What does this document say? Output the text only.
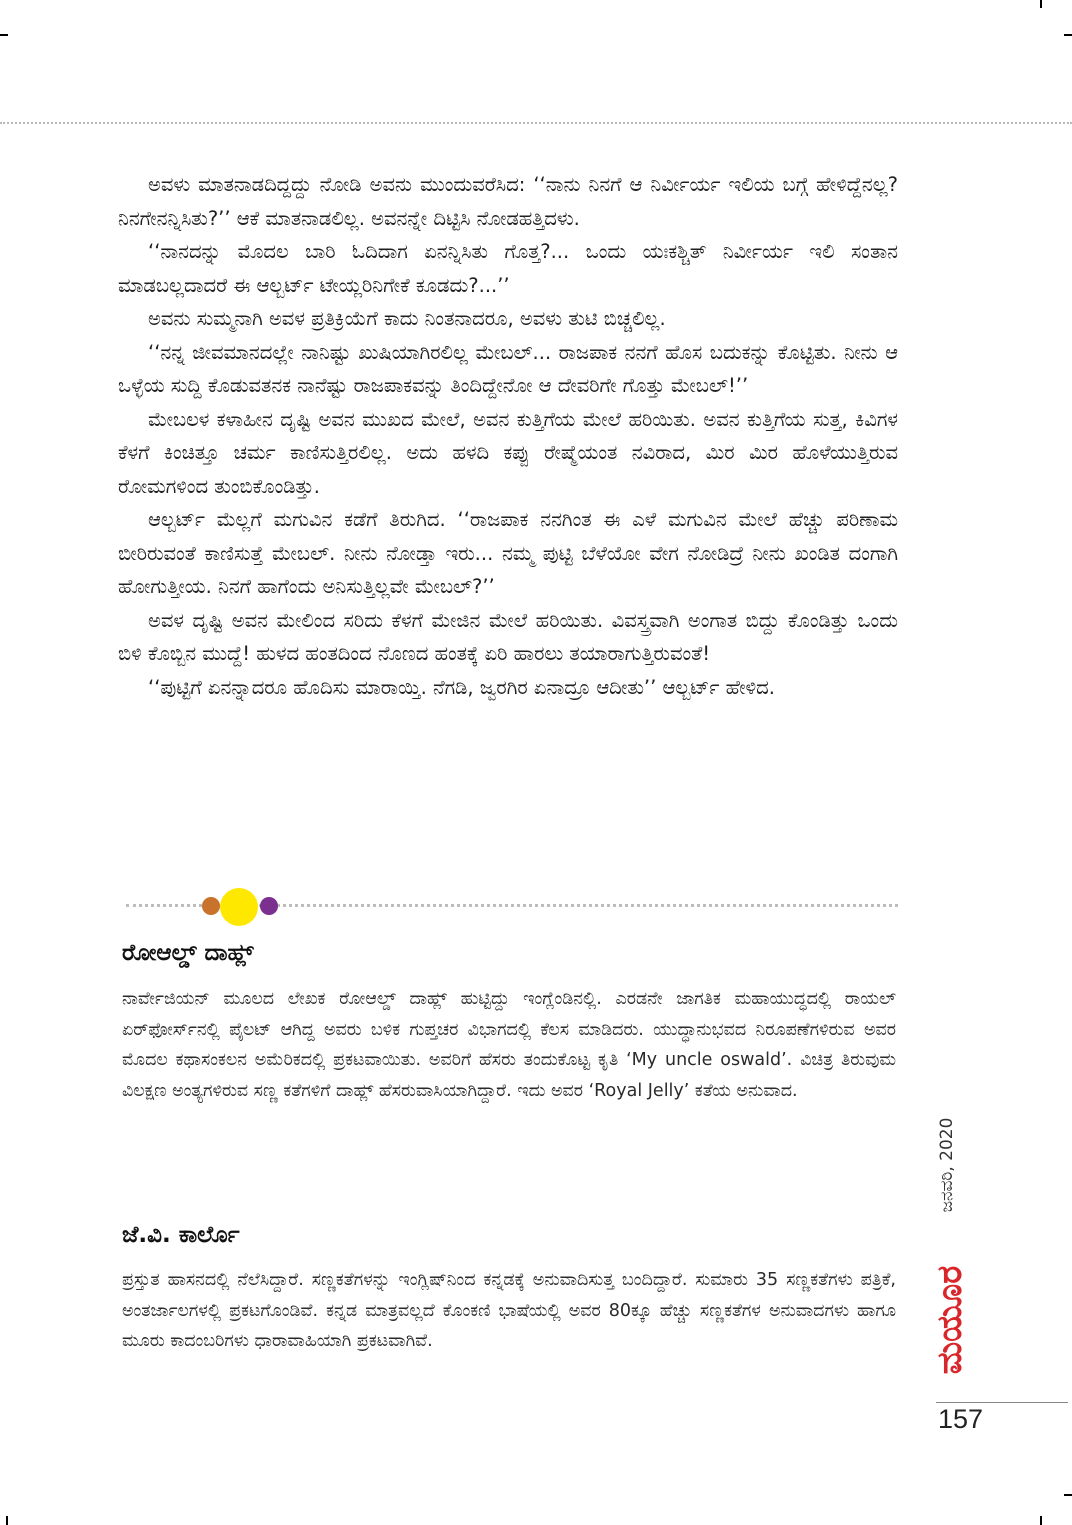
ಅವಳು ಮಾತನಾಡದಿದ್ದದ್ದು ನೋಡಿ ಅವನು ಮುಂದುವರೆಸಿದ: ‘‘ನಾನು ನಿನಗೆ ಆ ನಿರ್ವೀರ್ಯ ಇಲಿಯ ಬಗ್ಗೆ ಹೇಳಿದ್ದೆನಲ್ಲ? ನಿನಗೇನನ್ನಿಸಿತು?’’ ಆಕೆ ಮಾತನಾಡಲಿಲ್ಲ. ಅವನನ್ನೇ ದಿಟ್ಟಿಸಿ ನೋಡಹತ್ತಿದಳು.

‘‘ನಾನದನ್ನು ಮೊದಲ ಬಾರಿ ಓದಿದಾಗ ಏನನ್ನಿಸಿತು ಗೊತ್ತ?... ಒಂದು ಯಃಕಶ್ಚಿತ್ ನಿರ್ವೀರ್ಯ ಇಲಿ ಸಂತಾನ ಮಾಡಬಲ್ಲದಾದರೆ ಈ ಆಲ್ಬರ್ಟ್ ಟೇಯ್ಲರಿನಿಗೇಕೆ ಕೂಡದು?...’’

ಅವನು ಸುಮ್ಮನಾಗಿ ಅವಳ ಪ್ರತಿಕ್ರಿಯೆಗೆ ಕಾದು ನಿಂತನಾದರೂ, ಅವಳು ತುಟಿ ಬಿಚ್ಚಲಿಲ್ಲ.

‘‘ನನ್ನ ಜೀವಮಾನದಲ್ಲೇ ನಾನಿಷ್ಟು ಖುಷಿಯಾಗಿರಲಿಲ್ಲ ಮೇಬಲ್... ರಾಜಪಾಕ ನನಗೆ ಹೊಸ ಬದುಕನ್ನು ಕೊಟ್ಟಿತು. ನೀನು ಆ ಒಳ್ಳೆಯ ಸುದ್ದಿ ಕೊಡುವತನಕ ನಾನೆಷ್ಟು ರಾಜಪಾಕವನ್ನು ತಿಂದಿದ್ದೇನೋ ಆ ದೇವರಿಗೇ ಗೊತ್ತು ಮೇಬಲ್!’’

ಮೇಬಲಳ ಕಳಾಹೀನ ದೃಷ್ಟಿ ಅವನ ಮುಖದ ಮೇಲೆ, ಅವನ ಕುತ್ತಿಗೆಯ ಮೇಲೆ ಹರಿಯಿತು. ಅವನ ಕುತ್ತಿಗೆಯ ಸುತ್ತ, ಕಿವಿಗಳ ಕೆಳಗೆ ಕಿಂಚಿತ್ತೂ ಚರ್ಮ ಕಾಣಿಸುತ್ತಿರಲಿಲ್ಲ. ಅದು ಹಳದಿ ಕಪ್ಪು ರೇಷ್ಮೆಯಂತ ನವಿರಾದ, ಮಿರ ಮಿರ ಹೊಳೆಯುತ್ತಿರುವ ರೋಮಗಳಿಂದ ತುಂಬಿಕೊಂಡಿತ್ತು.

ಆಲ್ಬರ್ಟ್ ಮೆಲ್ಲಗೆ ಮಗುವಿನ ಕಡೆಗೆ ತಿರುಗಿದ. ‘‘ರಾಜಪಾಕ ನನಗಿಂತ ಈ ಎಳೆ ಮಗುವಿನ ಮೇಲೆ ಹೆಚ್ಚು ಪರಿಣಾಮ ಬೀರಿರುವಂತೆ ಕಾಣಿಸುತ್ತೆ ಮೇಬಲ್. ನೀನು ನೋಡ್ತಾ ಇರು... ನಮ್ಮ ಪುಟ್ಟಿ ಬೆಳೆಯೋ ವೇಗ ನೋಡಿದ್ರೆ ನೀನು ಖಂಡಿತ ದಂಗಾಗಿ ಹೋಗುತ್ತೀಯ. ನಿನಗೆ ಹಾಗೆಂದು ಅನಿಸುತ್ತಿಲ್ಲವೇ ಮೇಬಲ್?’’

ಅವಳ ದೃಷ್ಟಿ ಅವನ ಮೇಲಿಂದ ಸರಿದು ಕೆಳಗೆ ಮೇಜಿನ ಮೇಲೆ ಹರಿಯಿತು. ವಿವಸ್ತ್ರವಾಗಿ ಅಂಗಾತ ಬಿದ್ದು ಕೊಂಡಿತ್ತು ಒಂದು ಬಿಳಿ ಕೊಬ್ಬಿನ ಮುದ್ದೆ! ಹುಳದ ಹಂತದಿಂದ ನೊಣದ ಹಂತಕ್ಕೆ ಏರಿ ಹಾರಲು ತಯಾರಾಗುತ್ತಿರುವಂತೆ!

‘‘ಪುಟ್ಟಿಗೆ ಏನನ್ನಾದರೂ ಹೊದಿಸು ಮಾರಾಯ್ತಿ. ನೆಗಡಿ, ಜ್ವರಗಿರ ಏನಾದ್ರೂ ಆದೀತು’’ ಆಲ್ಬರ್ಟ್ ಹೇಳಿದ.

ರೋಆಲ್ಡ್ ದಾಹ್ಲ್

ನಾರ್ವೇಜಿಯನ್ ಮೂಲದ ಲೇಖಕ ರೋಆಲ್ಡ್ ದಾಹ್ಲ್ ಹುಟ್ಟಿದ್ದು ಇಂಗ್ಲೆಂಡಿನಲ್ಲಿ. ಎರಡನೇ ಜಾಗತಿಕ ಮಹಾಯುದ್ಧದಲ್ಲಿ ರಾಯಲ್ ಏರ್‌ಫೋರ್ಸ್‌ನಲ್ಲಿ ಪೈಲಟ್ ಆಗಿದ್ದ ಅವರು ಬಳಿಕ ಗುಪ್ತಚರ ವಿಭಾಗದಲ್ಲಿ ಕೆಲಸ ಮಾಡಿದರು. ಯುದ್ಧಾನುಭವದ ನಿರೂಪಣೆಗಳಿರುವ ಅವರ ಮೊದಲ ಕಥಾಸಂಕಲನ ಅಮೆರಿಕದಲ್ಲಿ ಪ್ರಕಟವಾಯಿತು. ಅವರಿಗೆ ಹೆಸರು ತಂದುಕೊಟ್ಟ ಕೃತಿ ‘My uncle oswald’. ವಿಚಿತ್ರ ತಿರುವುಮ ವಿಲಕ್ಷಣ ಅಂತ್ಯಗಳಿರುವ ಸಣ್ಣ ಕತೆಗಳಿಗೆ ದಾಹ್ಲ್ ಹೆಸರುವಾಸಿಯಾಗಿದ್ದಾರೆ. ಇದು ಅವರ ‘Royal Jelly’ ಕತೆಯ ಅನುವಾದ.

ಜೆ.ವಿ. ಕಾರ್ಲೊ

ಪ್ರಸ್ತುತ ಹಾಸನದಲ್ಲಿ ನೆಲೆಸಿದ್ದಾರೆ. ಸಣ್ಣಕತೆಗಳನ್ನು ಇಂಗ್ಲಿಷ್‌ನಿಂದ ಕನ್ನಡಕ್ಕೆ ಅನುವಾದಿಸುತ್ತ ಬಂದಿದ್ದಾರೆ. ಸುಮಾರು 35 ಸಣ್ಣಕತೆಗಳು ಪತ್ರಿಕೆ, ಅಂತರ್ಜಾಲಗಳಲ್ಲಿ ಪ್ರಕಟಗೊಂಡಿವೆ. ಕನ್ನಡ ಮಾತ್ರವಲ್ಲದೆ ಕೊಂಕಣಿ ಭಾಷೆಯಲ್ಲಿ ಅವರ 80ಕ್ಕೂ ಹೆಚ್ಚು ಸಣ್ಣಕತೆಗಳ ಅನುವಾದಗಳು ಹಾಗೂ ಮೂರು ಕಾದಂಬರಿಗಳು ಧಾರಾವಾಹಿಯಾಗಿ ಪ್ರಕಟವಾಗಿವೆ.

ಜನವರಿ, 2020
ಮಯೂರ
157
